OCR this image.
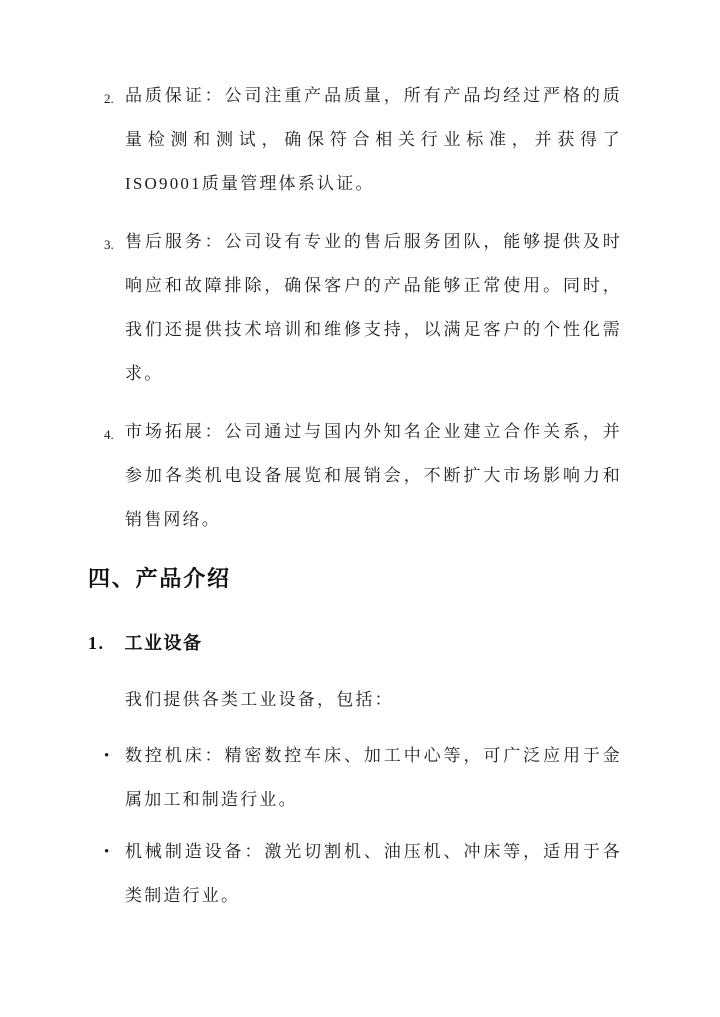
2. 品质保证：公司注重产品质量，所有产品均经过严格的质量检测和测试，确保符合相关行业标准，并获得了ISO9001质量管理体系认证。

3. 售后服务：公司设有专业的售后服务团队，能够提供及时响应和故障排除，确保客户的产品能够正常使用。同时，我们还提供技术培训和维修支持，以满足客户的个性化需求。

4. 市场拓展：公司通过与国内外知名企业建立合作关系，并参加各类机电设备展览和展销会，不断扩大市场影响力和销售网络。

四、产品介绍
1. 工业设备

我们提供各类工业设备，包括：

• 数控机床：精密数控车床、加工中心等，可广泛应用于金属加工和制造行业。

• 机械制造设备：激光切割机、油压机、冲床等，适用于各类制造行业。
